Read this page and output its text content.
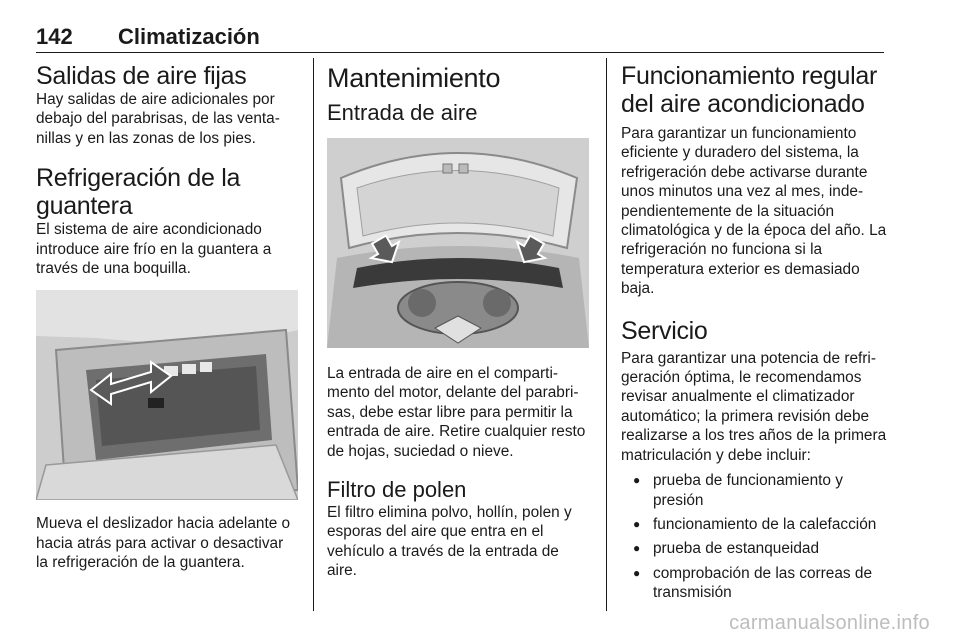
142 Climatización
Salidas de aire fijas

Hay salidas de aire adicionales por debajo del parabrisas, de las venta-nillas y en las zonas de los pies.

Refrigeración de la guantera

El sistema de aire acondicionado introduce aire frío en la guantera a través de una boquilla.

Mueva el deslizador hacia adelante o hacia atrás para activar o desactivar la refrigeración de la guantera.

Mantenimiento
Entrada de aire

La entrada de aire en el comparti-mento del motor, delante del parabri-sas, debe estar libre para permitir la entrada de aire. Retire cualquier resto de hojas, suciedad o nieve.

Filtro de polen

El filtro elimina polvo, hollín, polen y esporas del aire que entra en el vehículo a través de la entrada de aire.

Funcionamiento regular del aire acondicionado

Para garantizar un funcionamiento eficiente y duradero del sistema, la refrigeración debe activarse durante unos minutos una vez al mes, inde-pendientemente de la situación climatológica y de la época del año. La refrigeración no funciona si la temperatura exterior es demasiado baja.

Servicio

Para garantizar una potencia de refri-geración óptima, le recomendamos revisar anualmente el climatizador automático; la primera revisión debe realizarse a los tres años de la primera matriculación y debe incluir:

● prueba de funcionamiento y presión
● funcionamiento de la calefacción
● prueba de estanqueidad
● comprobación de las correas de transmisión
carmanualsonline.info
